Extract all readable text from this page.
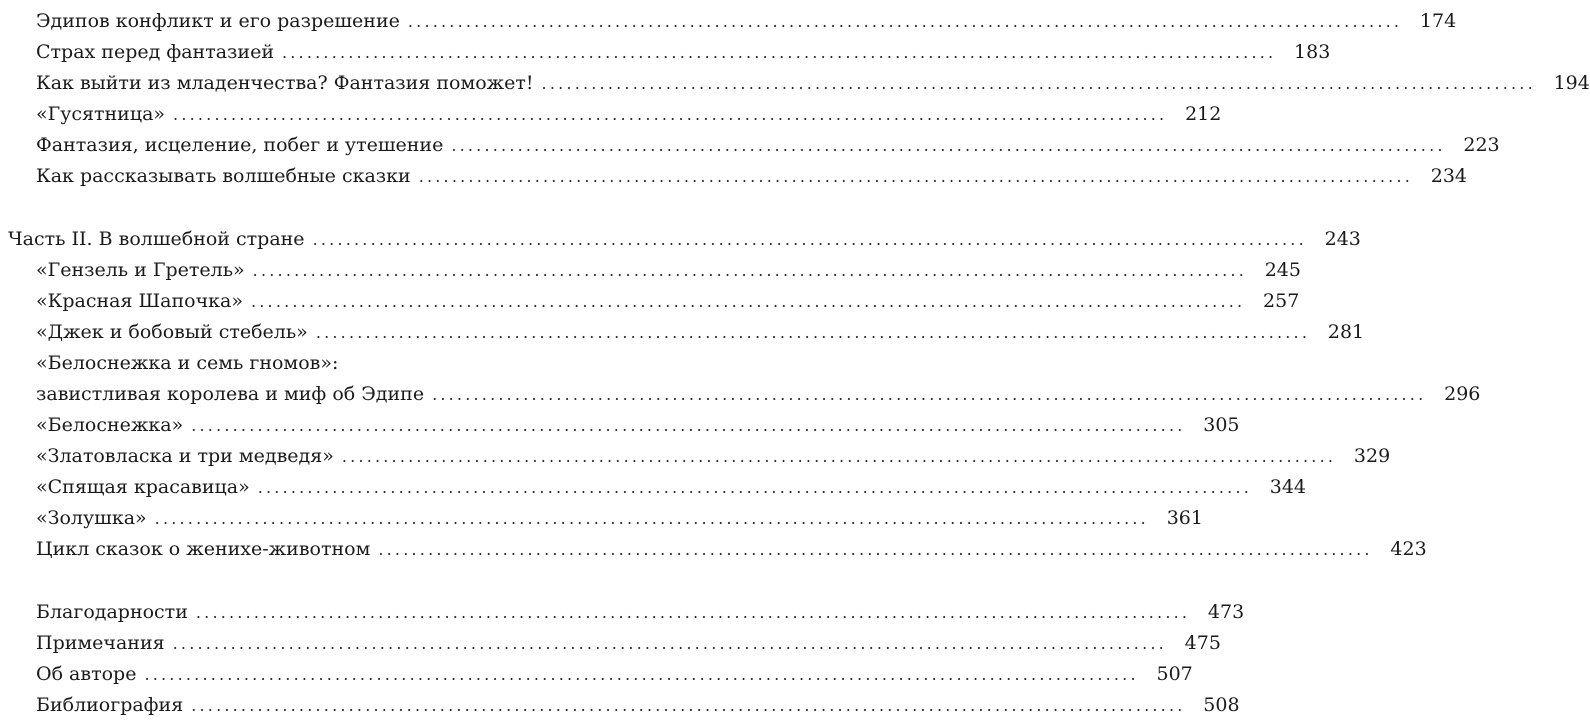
Эдипов конфликт и его разрешение ........................................................................................................................ 174
Страх перед фантазией ........................................................................................................................ 183
Как выйти из младенчества? Фантазия поможет! ........................................................................................................................ 194
«Гусятница» ........................................................................................................................ 212
Фантазия, исцеление, побег и утешение ........................................................................................................................ 223
Как рассказывать волшебные сказки ........................................................................................................................ 234
Часть II. В волшебной стране ........................................................................................................................ 243
«Гензель и Гретель» ........................................................................................................................ 245
«Красная Шапочка» ........................................................................................................................ 257
«Джек и бобовый стебель» ........................................................................................................................ 281
«Белоснежка и семь гномов»:
завистливая королева и миф об Эдипе ........................................................................................................................ 296
«Белоснежка» ........................................................................................................................ 305
«Златовласка и три медведя» ........................................................................................................................ 329
«Спящая красавица» ........................................................................................................................ 344
«Золушка» ........................................................................................................................ 361
Цикл сказок о женихе-животном ........................................................................................................................ 423
Благодарности ........................................................................................................................ 473
Примечания ........................................................................................................................ 475
Об авторе ........................................................................................................................ 507
Библиография ........................................................................................................................ 508
